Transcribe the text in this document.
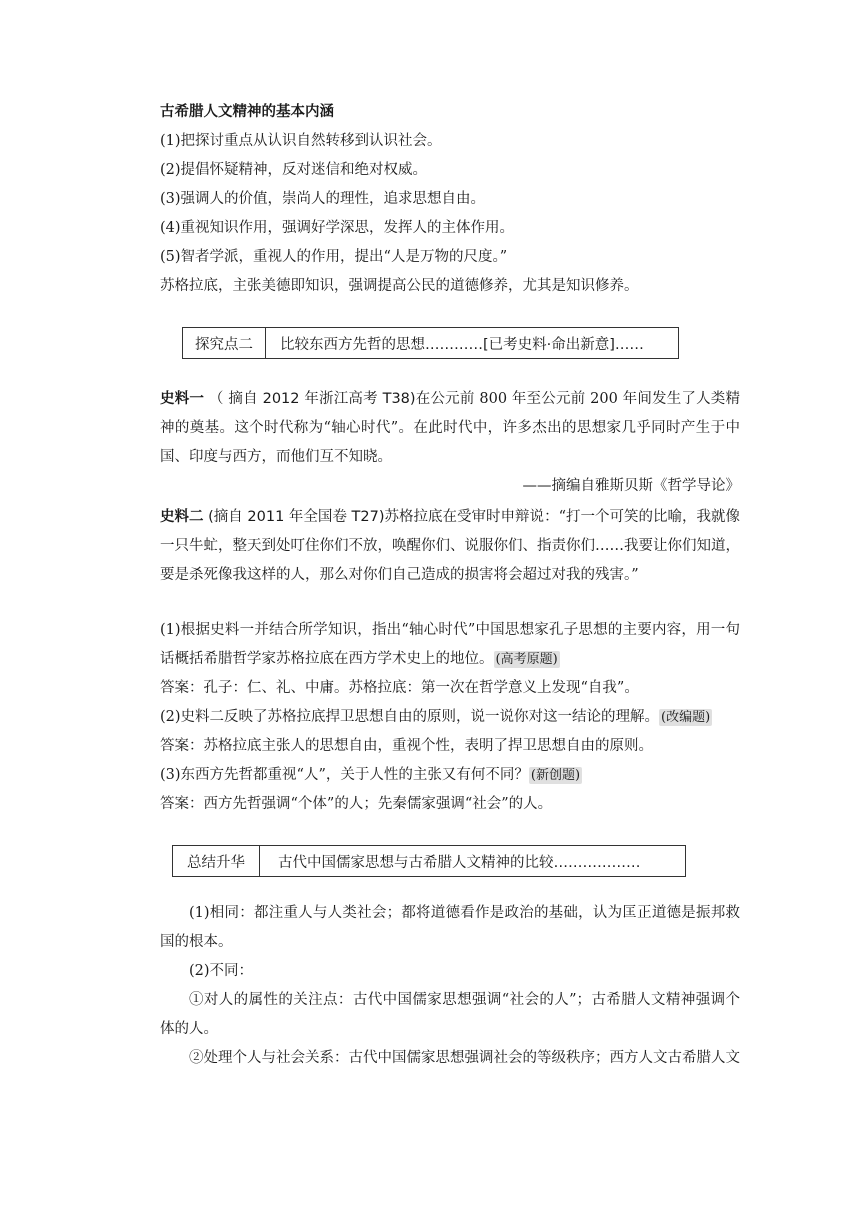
古希腊人文精神的基本内涵
(1)把探讨重点从认识自然转移到认识社会。
(2)提倡怀疑精神，反对迷信和绝对权威。
(3)强调人的价值，崇尚人的理性，追求思想自由。
(4)重视知识作用，强调好学深思，发挥人的主体作用。
(5)智者学派，重视人的作用，提出“人是万物的尺度。”
苏格拉底，主张美德即知识，强调提高公民的道德修养，尤其是知识修养。
探究点二	比较东西方先哲的思想…………[已考史料·命出新意]……
史料一 （ 摘自 2012 年浙江高考 T38)在公元前 800 年至公元前 200 年间发生了人类精神的奠基。这个时代称为“轴心时代”。在此时代中，许多杰出的思想家几乎同时产生于中国、印度与西方，而他们互不知晓。
——摘编自雅斯贝斯《哲学导论》
史料二 (摘自 2011 年全国卷 T27)苏格拉底在受审时申辩说：“打一个可笑的比喻，我就像一只牛虻，整天到处叮住你们不放，唤醒你们、说服你们、指责你们……我要让你们知道，要是杀死像我这样的人，那么对你们自己造成的损害将会超过对我的残害。”
(1)根据史料一并结合所学知识，指出“轴心时代”中国思想家孔子思想的主要内容，用一句话概括希腊哲学家苏格拉底在西方学术史上的地位。 (高考原题)
答案：孔子：仁、礼、中庸。苏格拉底：第一次在哲学意义上发现“自我”。
(2)史料二反映了苏格拉底捍卫思想自由的原则，说一说你对这一结论的理解。 (改编题)
答案：苏格拉底主张人的思想自由，重视个性，表明了捍卫思想自由的原则。
(3)东西方先哲都重视“人”，关于人性的主张又有何不同？ (新创题)
答案：西方先哲强调“个体”的人；先秦儒家强调“社会”的人。
总结升华	古代中国儒家思想与古希腊人文精神的比较………………
(1)相同：都注重人与人类社会；都将道德看作是政治的基础，认为匡正道德是振邦救国的根本。
(2)不同：
①对人的属性的关注点：古代中国儒家思想强调“社会的人”；古希腊人文精神强调个体的人。
②处理个人与社会关系：古代中国儒家思想强调社会的等级秩序；西方人文古希腊人文
